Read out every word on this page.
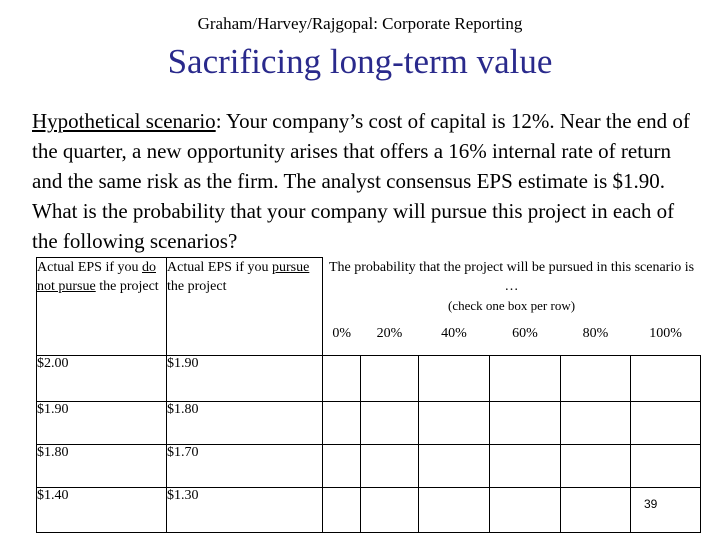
Graham/Harvey/Rajgopal: Corporate Reporting
Sacrificing long-term value
Hypothetical scenario: Your company’s cost of capital is 12%. Near the end of the quarter, a new opportunity arises that offers a 16% internal rate of return and the same risk as the firm. The analyst consensus EPS estimate is $1.90. What is the probability that your company will pursue this project in each of the following scenarios?
Actual EPS if you do not pursue the project	Actual EPS if you pursue the project	The probability that the project will be pursued in this scenario is …
(check one box per row)					

		0%	20%	40%	60%	80%	100%
$2.00	$1.90						
$1.90	$1.80						
$1.80	$1.70						
$1.40	$1.30						
39
